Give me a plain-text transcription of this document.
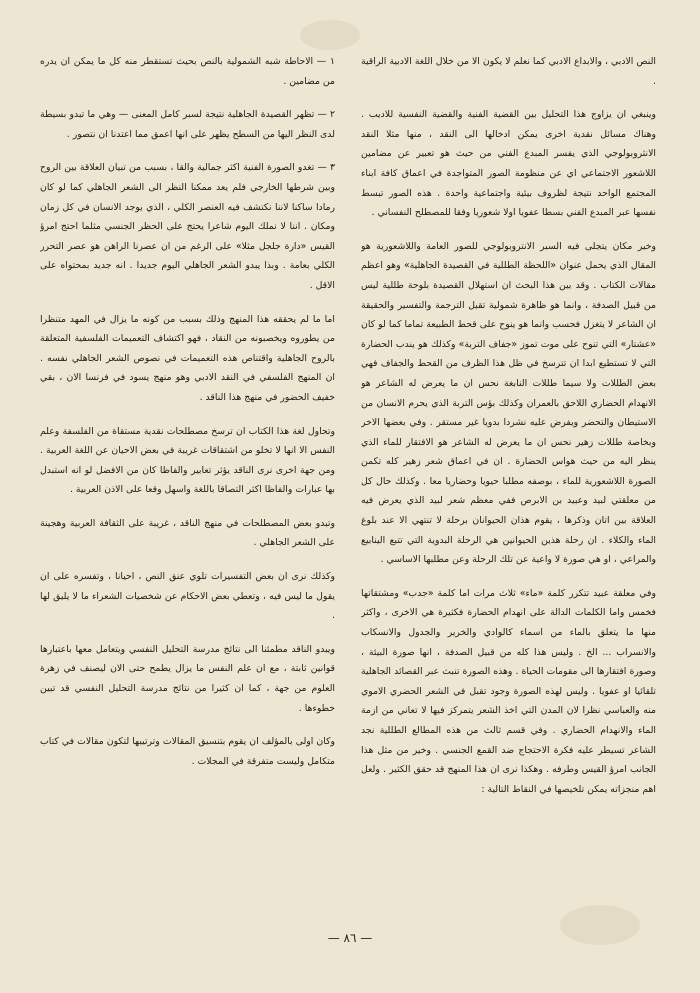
النص الادبي ، والابداع الادبي كما نعلم لا يكون الا من خلال اللغة الادبية الراقية .

وينبغي ان يزاوج هذا التحليل بين القضية الفنية والقضية النفسية للاديب . وهناك مسائل نقدية اخرى يمكن ادخالها الى النقد ، منها مثلا النقد الانثروبولوجي الذي يفسر المبدع الفني من حيث هو تعبير عن مضامين اللاشعور الاجتماعي اي عن منظومة الصور المتواجدة في اعماق كافة ابناء المجتمع الواحد نتيجة لظروف بيئية واجتماعية واحدة . هذه الصور تبسط نفسها عبر المبدع الفني بسطا عفويا اولا شعوريا وفقا للمصطلح النفساني .

وخير مكان يتجلى فيه السبر الانتروبولوجي للصور العامة واللاشعورية هو المقال الذي يحمل عنوان «اللحظة الطللية في القصيدة الجاهلية» وهو اعظم مقالات الكتاب . وقد بين هذا البحث ان استهلال القصيدة بلوحة طللية ليس من قبيل الصدفة ، وانما هو ظاهرة شمولية تقبل الترجمة والتفسير والحقيقة ان الشاعر لا يتغزل فحسب وانما هو ينوح على قحط الطبيعة تماما كما لو كان «عشتار» التي تنوح على موت تموز «جفاف التربة» وكذلك هو يندب الحضارة التي لا تستطيع ابدا ان تترسخ في ظل هذا الظرف من القحط والجفاف فهي بعض الطللات ولا سيما طللات النابغة نحس ان ما يعرض له الشاعر هو الانهدام الحضاري اللاحق بالعمران وكذلك بؤس التربة الذي يحرم الانسان من الاستيطان والتحضر ويفرض عليه نشردا بدويا غير مستقر . وفي بعضها الاخر وبخاصة طللات زهير نحس ان ما يعرض له الشاعر هو الافتقار للماء الذي ينظر اليه من حيث هواس الحضارة . ان في اعماق شعر زهير كله تكمن الصورة اللاشعورية للماء ، بوصفه مطلبا حيويا وحضاريا معا . وكذلك حال كل من معلقتي لبيد وعبيد بن الابرص ففي معظم شعر لبيد الذي يعرض فيه العلاقة بين اتان وذكرها ، يقوم هذان الحيوانان برحلة لا تنتهي الا عند بلوغ الماء والكلاء . ان رحلة هذين الحيوانين هي الرحلة البدوية التي تتبع الينابيع والمراعي ، او هي صورة لا واعية عن تلك الرحلة وعن مطلبها الاساسي .

وفي معلقة عبيد تتكرر كلمة «ماء» ثلاث مرات اما كلمة «جدب» ومشتقاتها فخمس واما الكلمات الدالة على انهدام الحضارة فكثيرة هي الاخرى ، واكثر منها ما يتعلق بالماء من اسماء كالوادي والخرير والجدول والانسكاب والانسراب ... الخ . وليس هذا كله من قبيل الصدفة ، انها صورة البيئة ، وصورة افتقارها الى مقومات الحياة . وهذه الصورة تنبث عبر القصائد الجاهلية تلقائيا او عفويا . وليس لهذه الصورة وجود تقبل في الشعر الحضري الاموي منه والعباسي نظرا لان المدن التي اخذ الشعر يتمركز فيها لا تعاني من ازمة الماء والانهدام الحضاري . وفي قسم ثالث من هذه المطالع الطللية نجد الشاعر تسيطر عليه فكرة الاحتجاج ضد القمع الجنسي . وخير من مثل هذا الجانب امرؤ القيس وطرفه . وهكذا نرى ان هذا المنهج قد حقق الكثير . ولعل اهم منجزاته يمكن تلخيصها في النقاط التالية :

١ — الاحاطة شبه الشمولية بالنص بحيث تستقطر منه كل ما يمكن ان يدره من مضامين .

٢ — تظهر القصيدة الجاهلية نتيجة لسبر كامل المعنى — وهي ما تبدو بسيطة لدى النظر اليها من السطح يظهر على انها اعمق مما اعتدنا ان نتصور .

٣ — تغدو الصورة الفنية اكثر جمالية والقا ، بسبب من تبيان العلاقة بين الروح وبين شرطها الخارجي فلم يعد ممكنا النظر الى الشعر الجاهلي كما لو كان رمادا ساكنا لاننا نكتشف فيه العنصر الكلي ، الذي يوجد الانسان في كل زمان ومكان . اننا لا نملك اليوم شاعرا يحتج على الحظر الجنسي مثلما احتج امرؤ القيس «دارة جلجل مثلا» على الرغم من ان عصرنا الراهن هو عصر التحرر الكلي بعامة . وبذا يبدو الشعر الجاهلي اليوم جديدا . انه جديد بمحتواه على الاقل .

اما ما لم يحققه هذا المنهج وذلك بسبب من كونه ما يزال في المهد متنظرا من يطوروه ويخصبونه من النقاد ، فهو اكتشاف التعميمات الفلسفية المتعلقة بالروح الجاهلية واقتناص هذه التعميمات في نصوص الشعر الجاهلي نفسه . ان المنهج الفلسفي في النقد الادبي وهو منهج يسود في فرنسا الان ، بقي خفيف الحضور في منهج هذا الناقد .

وتحاول لغة هذا الكتاب ان ترسخ مصطلحات نقدية مستقاة من الفلسفة وعلم النفس الا انها لا تخلو من اشتقاقات غريبة في بعض الاحيان عن اللغة العربية . ومن جهة اخرى نرى الناقد يؤثر تعابير والفاظا كان من الافضل لو انه استبدل بها عبارات والفاظا اكثر التصاقا باللغة واسهل وقعا على الاذن العربية .

وتبدو بعض المصطلحات في منهج الناقد ، غريبة على الثقافة العربية وهجينة على الشعر الجاهلي .

وكذلك نرى ان بعض التفسيرات تلوي عنق النص ، احيانا ، وتفسره على ان يقول ما ليس فيه ، وتعطي بعض الاحكام عن شخصيات الشعراء ما لا يليق لها .

ويبدو الناقد مطمئنا الى نتائج مدرسة التحليل النفسي ويتعامل معها باعتبارها قوانين ثابتة ، مع ان علم النفس ما يزال يطمح حتى الان ليصنف في زهرة العلوم من جهة ، كما ان كثيرا من نتائج مدرسة التحليل النفسي قد تبين خطوءها .

وكان اولى بالمؤلف ان يقوم بتنسيق المقالات وترتيبها لتكون مقالات في كتاب متكامل وليست متفرقة في المجلات .

— ٨٦ —
